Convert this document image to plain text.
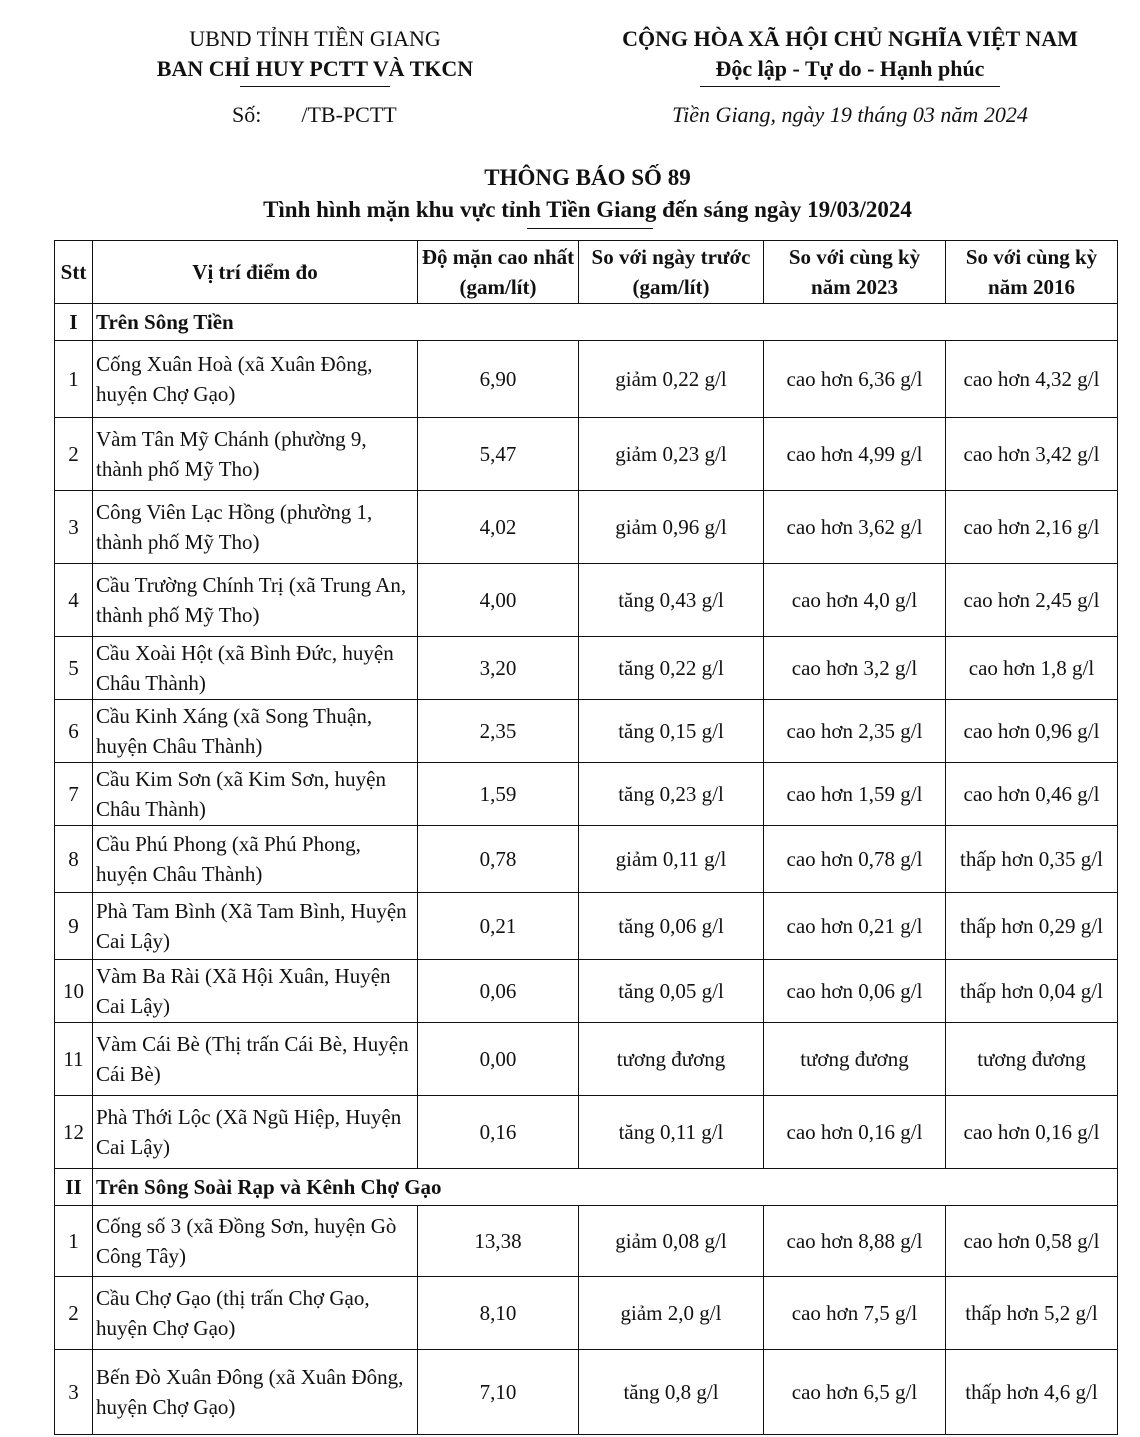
UBND TỈNH TIỀN GIANG
BAN CHỈ HUY PCTT VÀ TKCN
CỘNG HÒA XÃ HỘI CHỦ NGHĨA VIỆT NAM
Độc lập - Tự do - Hạnh phúc
Số: /TB-PCTT	Tiền Giang, ngày 19 tháng 03 năm 2024
THÔNG BÁO SỐ 89
Tình hình mặn khu vực tỉnh Tiền Giang đến sáng ngày 19/03/2024
Stt	Vị trí điểm đo	Độ mặn cao nhất (gam/lít)	So với ngày trước (gam/lít)	So với cùng kỳ năm 2023	So với cùng kỳ năm 2016
I	Trên Sông Tiền				
1	Cống Xuân Hoà (xã Xuân Đông, huyện Chợ Gạo)	6,90	giảm 0,22 g/l	cao hơn 6,36 g/l	cao hơn 4,32 g/l
2	Vàm Tân Mỹ Chánh (phường 9, thành phố Mỹ Tho)	5,47	giảm 0,23 g/l	cao hơn 4,99 g/l	cao hơn 3,42 g/l
3	Công Viên Lạc Hồng (phường 1, thành phố Mỹ Tho)	4,02	giảm 0,96 g/l	cao hơn 3,62 g/l	cao hơn 2,16 g/l
4	Cầu Trường Chính Trị (xã Trung An, thành phố Mỹ Tho)	4,00	tăng 0,43 g/l	cao hơn 4,0 g/l	cao hơn 2,45 g/l
5	Cầu Xoài Hột (xã Bình Đức, huyện Châu Thành)	3,20	tăng 0,22 g/l	cao hơn 3,2 g/l	cao hơn 1,8 g/l
6	Cầu Kinh Xáng (xã Song Thuận, huyện Châu Thành)	2,35	tăng 0,15 g/l	cao hơn 2,35 g/l	cao hơn 0,96 g/l
7	Cầu Kim Sơn (xã Kim Sơn, huyện Châu Thành)	1,59	tăng 0,23 g/l	cao hơn 1,59 g/l	cao hơn 0,46 g/l
8	Cầu Phú Phong (xã Phú Phong, huyện Châu Thành)	0,78	giảm 0,11 g/l	cao hơn 0,78 g/l	thấp hơn 0,35 g/l
9	Phà Tam Bình (Xã Tam Bình, Huyện Cai Lậy)	0,21	tăng 0,06 g/l	cao hơn 0,21 g/l	thấp hơn 0,29 g/l
10	Vàm Ba Rài (Xã Hội Xuân, Huyện Cai Lậy)	0,06	tăng 0,05 g/l	cao hơn 0,06 g/l	thấp hơn 0,04 g/l
11	Vàm Cái Bè (Thị trấn Cái Bè, Huyện Cái Bè)	0,00	tương đương	tương đương	tương đương
12	Phà Thới Lộc (Xã Ngũ Hiệp, Huyện Cai Lậy)	0,16	tăng 0,11 g/l	cao hơn 0,16 g/l	cao hơn 0,16 g/l
II	Trên Sông Soài Rạp và Kênh Chợ Gạo				
1	Cống số 3 (xã Đồng Sơn, huyện Gò Công Tây)	13,38	giảm 0,08 g/l	cao hơn 8,88 g/l	cao hơn 0,58 g/l
2	Cầu Chợ Gạo (thị trấn Chợ Gạo, huyện Chợ Gạo)	8,10	giảm 2,0 g/l	cao hơn 7,5 g/l	thấp hơn 5,2 g/l
3	Bến Đò Xuân Đông (xã Xuân Đông, huyện Chợ Gạo)	7,10	tăng 0,8 g/l	cao hơn 6,5 g/l	thấp hơn 4,6 g/l
